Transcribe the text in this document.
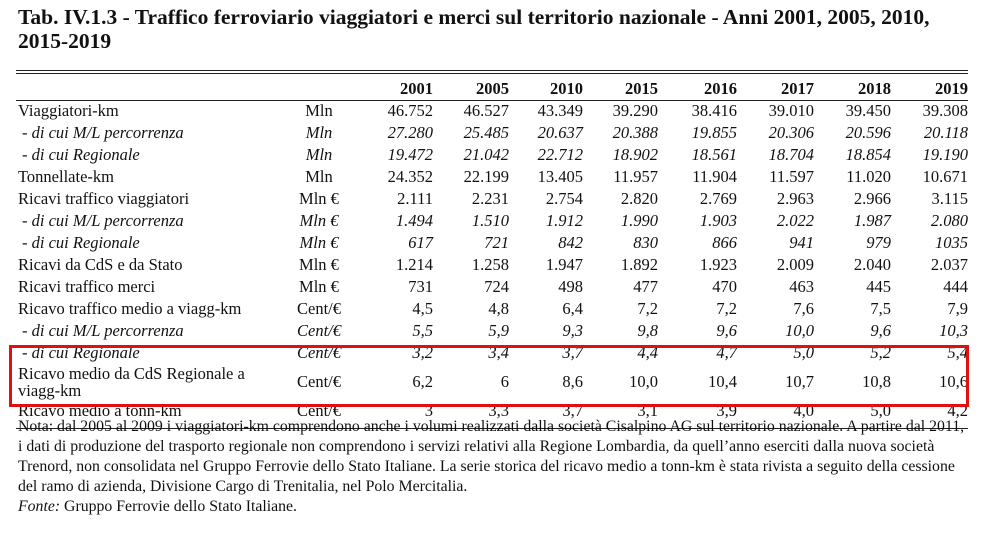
Tab. IV.1.3 - Traffico ferroviario viaggiatori e merci sul territorio nazionale - Anni 2001, 2005, 2010, 2015-2019
		2001	2005	2010	2015	2016	2017	2018	2019
Viaggiatori-km	Mln	46.752	46.527	43.349	39.290	38.416	39.010	39.450	39.308
- di cui M/L percorrenza	Mln	27.280	25.485	20.637	20.388	19.855	20.306	20.596	20.118
- di cui Regionale	Mln	19.472	21.042	22.712	18.902	18.561	18.704	18.854	19.190
Tonnellate-km	Mln	24.352	22.199	13.405	11.957	11.904	11.597	11.020	10.671
Ricavi traffico viaggiatori	Mln €	2.111	2.231	2.754	2.820	2.769	2.963	2.966	3.115
- di cui M/L percorrenza	Mln €	1.494	1.510	1.912	1.990	1.903	2.022	1.987	2.080
- di cui Regionale	Mln €	617	721	842	830	866	941	979	1035
Ricavi da CdS e da Stato	Mln €	1.214	1.258	1.947	1.892	1.923	2.009	2.040	2.037
Ricavi traffico merci	Mln €	731	724	498	477	470	463	445	444
Ricavo traffico medio a viagg-km	Cent/€	4,5	4,8	6,4	7,2	7,2	7,6	7,5	7,9
- di cui M/L percorrenza	Cent/€	5,5	5,9	9,3	9,8	9,6	10,0	9,6	10,3
- di cui Regionale	Cent/€	3,2	3,4	3,7	4,4	4,7	5,0	5,2	5,4
Ricavo medio da CdS Regionale a viagg-km	Cent/€	6,2	6	8,6	10,0	10,4	10,7	10,8	10,6
Ricavo medio a tonn-km	Cent/€	3	3,3	3,7	3,1	3,9	4,0	5,0	4,2
Nota: dal 2005 al 2009 i viaggiatori-km comprendono anche i volumi realizzati dalla società Cisalpino AG sul territorio nazionale. A partire dal 2011, i dati di produzione del trasporto regionale non comprendono i servizi relativi alla Regione Lombardia, da quell’anno eserciti dalla nuova società Trenord, non consolidata nel Gruppo Ferrovie dello Stato Italiane. La serie storica del ricavo medio a tonn-km è stata rivista a seguito della cessione del ramo di azienda, Divisione Cargo di Trenitalia, nel Polo Mercitalia.
Fonte: Gruppo Ferrovie dello Stato Italiane.
